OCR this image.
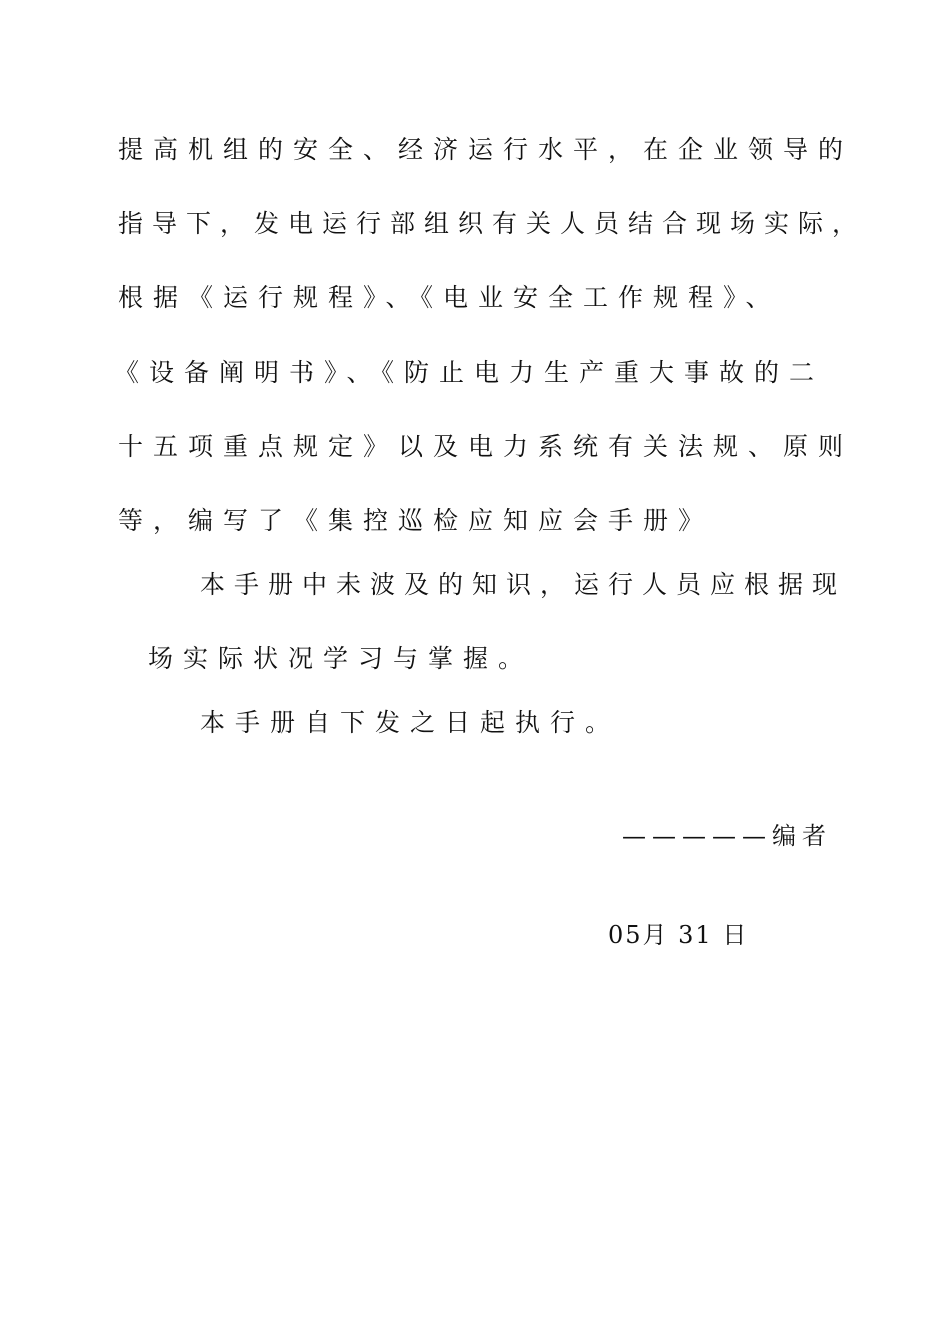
提高机组的安全、经济运行水平，在企业领导的
指导下，发电运行部组织有关人员结合现场实际，
根据《运行规程》、《电业安全工作规程》、
《设备阐明书》、《防止电力生产重大事故的二
十五项重点规定》以及电力系统有关法规、原则
等，编写了《集控巡检应知应会手册》
本手册中未波及的知识，运行人员应根据现
场实际状况学习与掌握。
本手册自下发之日起执行。
—————编者
05月 31 日
